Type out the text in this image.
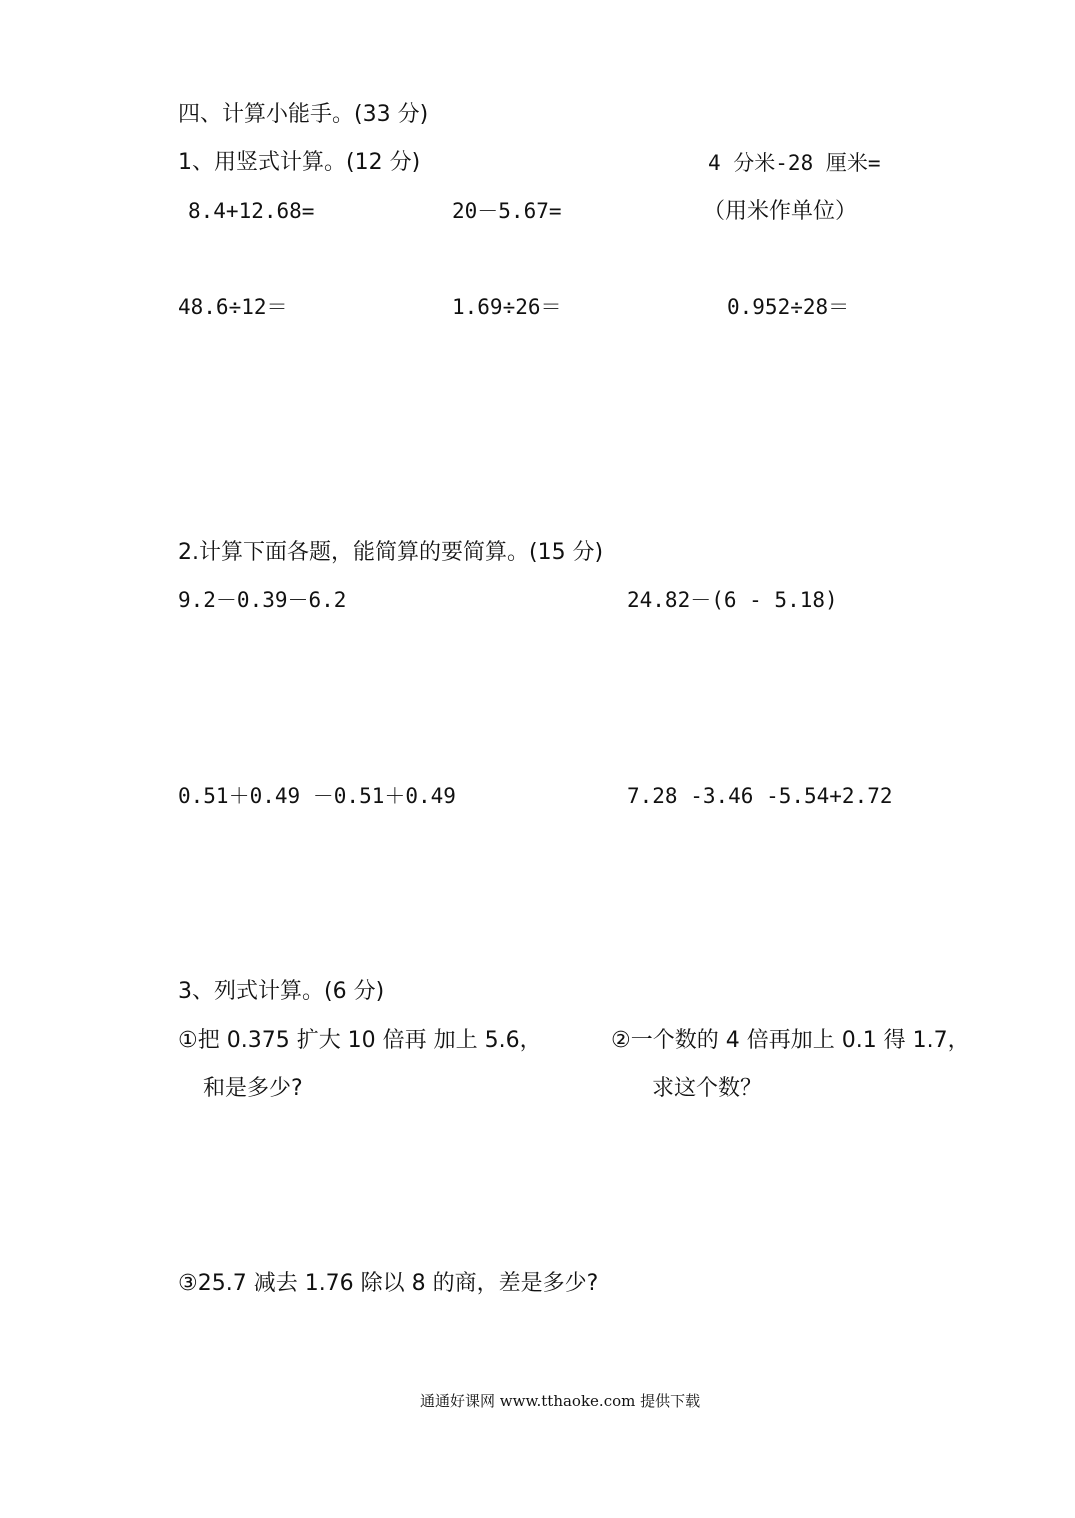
四、计算小能手。(33 分)
1、用竖式计算。(12 分)	4 分米-28 厘米=
（用米作单位）
8.4+12.68=	20－5.67=
48.6÷12＝	1.69÷26＝	0.952÷28＝
2.计算下面各题，能简算的要简算。(15 分)
9.2－0.39－6.2	24.82－(6 - 5.18)
0.51＋0.49 －0.51＋0.49	7.28 -3.46 -5.54+2.72
3、列式计算。(6 分)
①把 0.375 扩大 10 倍再 加上 5.6，
和是多少?
②一个数的 4 倍再加上 0.1 得 1.7，
求这个数？
③25.7 减去 1.76 除以 8 的商，差是多少?
通通好课网 www.tthaoke.com 提供下载
